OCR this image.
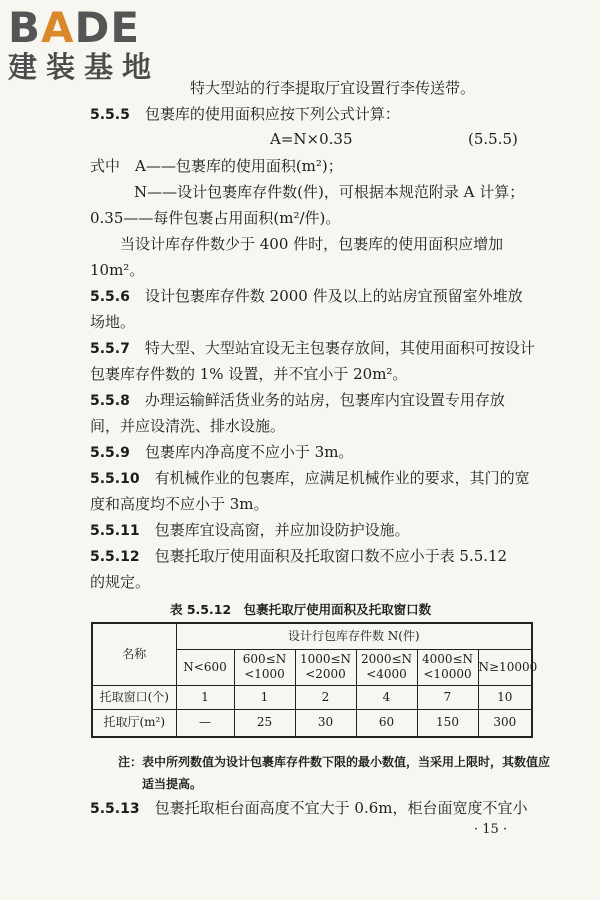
BADE
建装基地
特大型站的行李提取厅宜设置行李传送带。
5.5.5　 包裹库的使用面积应按下列公式计算：
A=N×0.35	(5.5.5)
式中　A——包裹库的使用面积(m²)；
N——设计包裹库存件数(件)，可根据本规范附录 A 计算；
0.35——每件包裹占用面积(m²/件)。
当设计库存件数少于 400 件时，包裹库的使用面积应增加
10m²。
5.5.6　 设计包裹库存件数 2000 件及以上的站房宜预留室外堆放
场地。
5.5.7　 特大型、大型站宜设无主包裹存放间，其使用面积可按设计
包裹库存件数的 1% 设置，并不宜小于 20m²。
5.5.8　 办理运输鲜活货业务的站房，包裹库内宜设置专用存放
间，并应设清洗、排水设施。
5.5.9　 包裹库内净高度不应小于 3m。
5.5.10　 有机械作业的包裹库，应满足机械作业的要求，其门的宽
度和高度均不应小于 3m。
5.5.11　 包裹库宜设高窗，并应加设防护设施。
5.5.12　 包裹托取厅使用面积及托取窗口数不应小于表 5.5.12
的规定。
表 5.5.12　包裹托取厅使用面积及托取窗口数
名称	设计行包库存件数 N(件)					
	N<600	600≤N <1000	1000≤N <2000	2000≤N <4000	4000≤N <10000	N≥10000
托取窗口(个)	1	1	2	4	7	10
托取厅(m²)	—	25	30	60	150	300
注：表中所列数值为设计包裹库存件数下限的最小数值，当采用上限时，其数值应
适当提高。
5.5.13　 包裹托取柜台面高度不宜大于 0.6m，柜台面宽度不宜小
· 15 ·
